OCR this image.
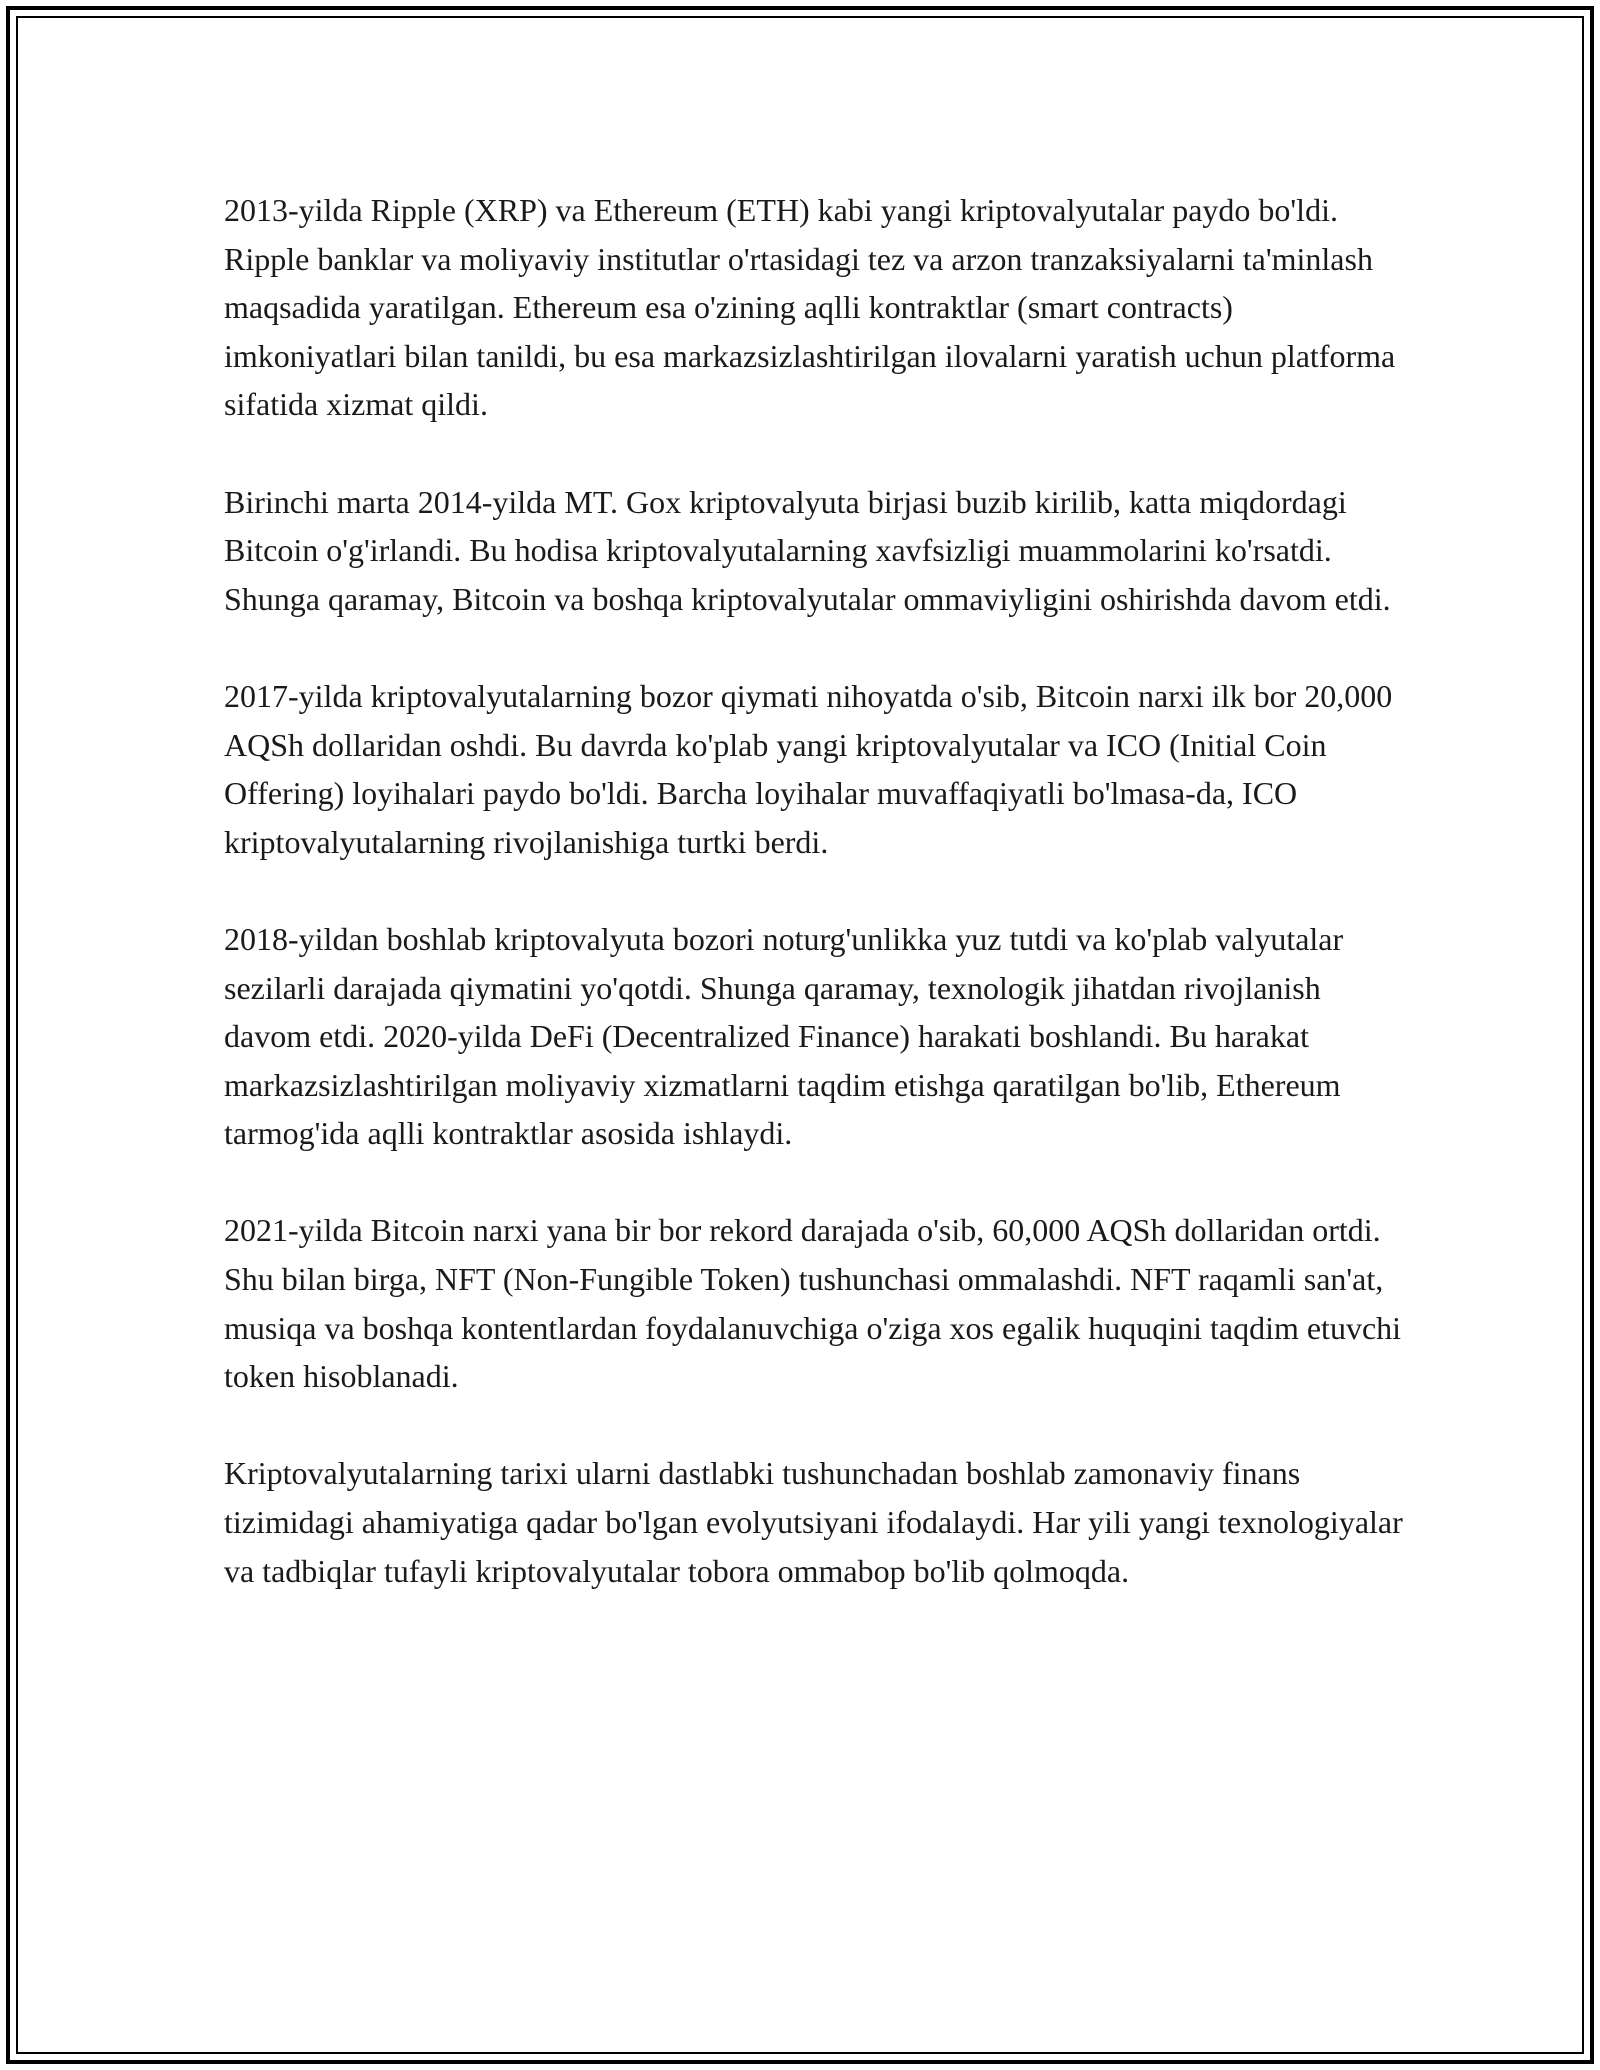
2013-yilda Ripple (XRP) va Ethereum (ETH) kabi yangi kriptovalyutalar paydo bo'ldi. Ripple banklar va moliyaviy institutlar o'rtasidagi tez va arzon tranzaksiyalarni ta'minlash maqsadida yaratilgan. Ethereum esa o'zining aqlli kontraktlar (smart contracts) imkoniyatlari bilan tanildi, bu esa markazsizlashtirilgan ilovalarni yaratish uchun platforma sifatida xizmat qildi.

Birinchi marta 2014-yilda MT. Gox kriptovalyuta birjasi buzib kirilib, katta miqdordagi Bitcoin o'g'irlandi. Bu hodisa kriptovalyutalarning xavfsizligi muammolarini ko'rsatdi. Shunga qaramay, Bitcoin va boshqa kriptovalyutalar ommaviyligini oshirishda davom etdi.

2017-yilda kriptovalyutalarning bozor qiymati nihoyatda o'sib, Bitcoin narxi ilk bor 20,000 AQSh dollaridan oshdi. Bu davrda ko'plab yangi kriptovalyutalar va ICO (Initial Coin Offering) loyihalari paydo bo'ldi. Barcha loyihalar muvaffaqiyatli bo'lmasa-da, ICO kriptovalyutalarning rivojlanishiga turtki berdi.

2018-yildan boshlab kriptovalyuta bozori noturg'unlikka yuz tutdi va ko'plab valyutalar sezilarli darajada qiymatini yo'qotdi. Shunga qaramay, texnologik jihatdan rivojlanish davom etdi. 2020-yilda DeFi (Decentralized Finance) harakati boshlandi. Bu harakat markazsizlashtirilgan moliyaviy xizmatlarni taqdim etishga qaratilgan bo'lib, Ethereum tarmog'ida aqlli kontraktlar asosida ishlaydi.

2021-yilda Bitcoin narxi yana bir bor rekord darajada o'sib, 60,000 AQSh dollaridan ortdi. Shu bilan birga, NFT (Non-Fungible Token) tushunchasi ommalashdi. NFT raqamli san'at, musiqa va boshqa kontentlardan foydalanuvchiga o'ziga xos egalik huquqini taqdim etuvchi token hisoblanadi.

Kriptovalyutalarning tarixi ularni dastlabki tushunchadan boshlab zamonaviy finans tizimidagi ahamiyatiga qadar bo'lgan evolyutsiyani ifodalaydi. Har yili yangi texnologiyalar va tadbiqlar tufayli kriptovalyutalar tobora ommabop bo'lib qolmoqda.
